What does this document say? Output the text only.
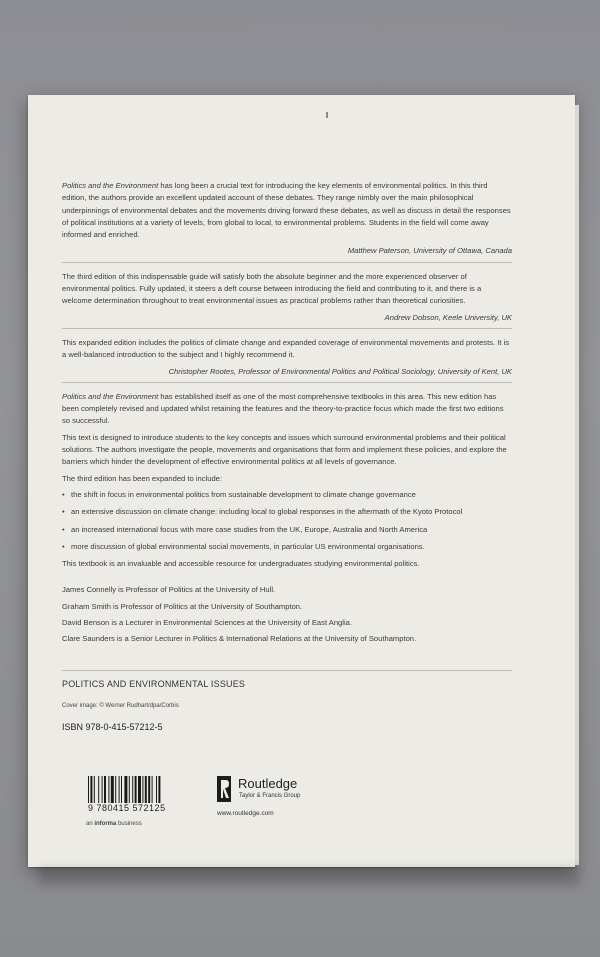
Politics and the Environment has long been a crucial text for introducing the key elements of environmental politics. In this third edition, the authors provide an excellent updated account of these debates. They range nimbly over the main philosophical underpinnings of environmental debates and the movements driving forward these debates, as well as discuss in detail the responses of political institutions at a variety of levels, from global to local, to environmental problems. Students in the field will come away informed and enriched.

Matthew Paterson, University of Ottawa, Canada

The third edition of this indispensable guide will satisfy both the absolute beginner and the more experienced observer of environmental politics. Fully updated, it steers a deft course between introducing the field and contributing to it, and there is a welcome determination throughout to treat environmental issues as practical problems rather than theoretical curiosities.

Andrew Dobson, Keele University, UK

This expanded edition includes the politics of climate change and expanded coverage of environmental movements and protests. It is a well-balanced introduction to the subject and I highly recommend it.

Christopher Rootes, Professor of Environmental Politics and Political Sociology, University of Kent, UK

Politics and the Environment has established itself as one of the most comprehensive textbooks in this area. This new edition has been completely revised and updated whilst retaining the features and the theory-to-practice focus which made the first two editions so successful.

This text is designed to introduce students to the key concepts and issues which surround environmental problems and their political solutions. The authors investigate the people, movements and organisations that form and implement these policies, and explore the barriers which hinder the development of effective environmental politics at all levels of governance.

The third edition has been expanded to include:

• the shift in focus in environmental politics from sustainable development to climate change governance
• an extensive discussion on climate change: including local to global responses in the aftermath of the Kyoto Protocol
• an increased international focus with more case studies from the UK, Europe, Australia and North America
• more discussion of global environmental social movements, in particular US environmental organisations.

This textbook is an invaluable and accessible resource for undergraduates studying environmental politics.

James Connelly is Professor of Politics at the University of Hull.

Graham Smith is Professor of Politics at the University of Southampton.

David Benson is a Lecturer in Environmental Sciences at the University of East Anglia.

Clare Saunders is a Senior Lecturer in Politics & International Relations at the University of Southampton.

POLITICS AND ENVIRONMENTAL ISSUES
Cover image: © Werner Rudhart/dpa/Corbis
ISBN 978-0-415-57212-5
9 780415 572125
an informa business
Routledge
Taylor & Francis Group
www.routledge.com
